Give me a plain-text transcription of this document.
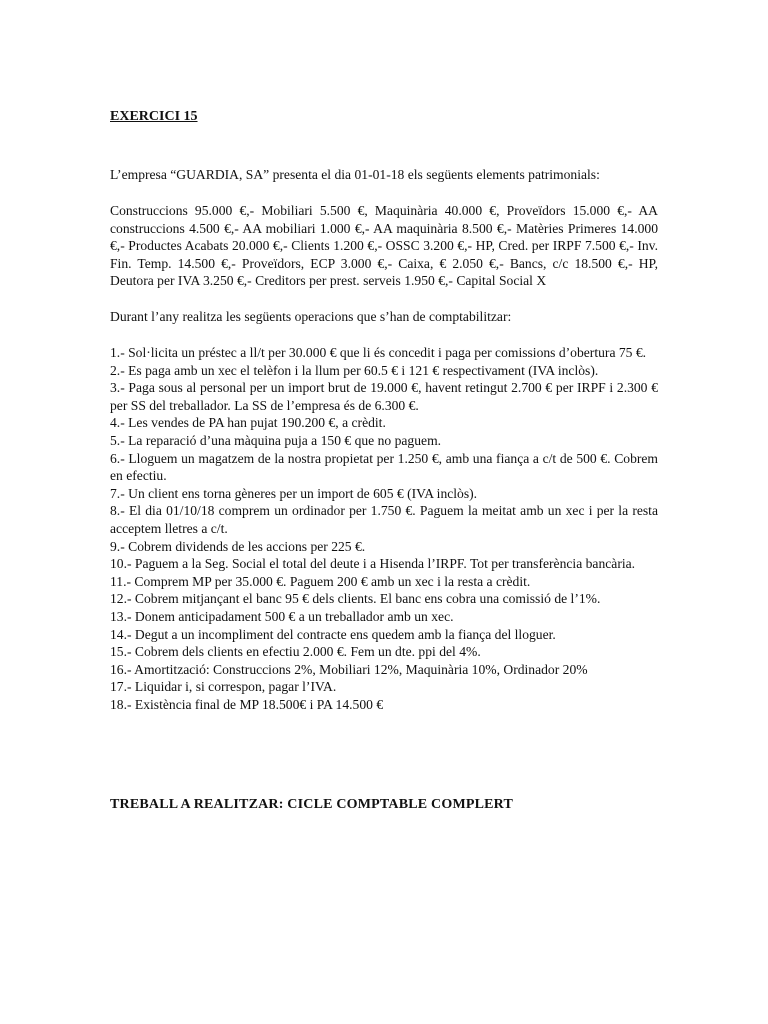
EXERCICI 15

L’empresa “GUARDIA, SA” presenta el dia 01-01-18 els següents elements patrimonials:

Construccions 95.000 €,- Mobiliari 5.500 €, Maquinària 40.000 €, Proveïdors 15.000 €,- AA construccions 4.500 €,- AA mobiliari 1.000 €,- AA maquinària 8.500 €,- Matèries Primeres 14.000 €,- Productes Acabats 20.000 €,- Clients 1.200 €,- OSSC 3.200 €,- HP, Cred. per IRPF 7.500 €,- Inv. Fin. Temp. 14.500 €,- Proveïdors, ECP 3.000 €,- Caixa, € 2.050 €,- Bancs, c/c 18.500 €,- HP, Deutora per IVA 3.250 €,- Creditors per prest. serveis 1.950 €,- Capital Social X

Durant l’any realitza les següents operacions que s’han de comptabilitzar:

1.- Sol·licita un préstec a ll/t per 30.000 € que li és concedit i paga per comissions d’obertura 75 €.
2.- Es paga amb un xec el telèfon i la llum per 60.5 € i 121 € respectivament (IVA inclòs).
3.- Paga sous al personal per un import brut de 19.000 €, havent retingut 2.700 € per IRPF i 2.300 € per SS del treballador. La SS de l’empresa és de 6.300 €.
4.- Les vendes de PA han pujat 190.200 €, a crèdit.
5.- La reparació d’una màquina puja a 150 € que no paguem.
6.- Lloguem un magatzem de la nostra propietat per 1.250 €, amb una fiança a c/t de 500 €. Cobrem en efectiu.
7.- Un client ens torna gèneres per un import de 605 € (IVA inclòs).
8.- El dia 01/10/18 comprem un ordinador per 1.750 €. Paguem la meitat amb un xec i per la resta acceptem lletres a c/t.
9.- Cobrem dividends de les accions per 225 €.
10.- Paguem a la Seg. Social el total del deute i a Hisenda l’IRPF. Tot per transferència bancària.
11.- Comprem MP per 35.000 €. Paguem 200 € amb un xec i la resta a crèdit.
12.- Cobrem mitjançant el banc 95 € dels clients. El banc ens cobra una comissió de l’1%.
13.- Donem anticipadament 500 € a un treballador amb un xec.
14.- Degut a un incompliment del contracte ens quedem amb la fiança del lloguer.
15.- Cobrem dels clients en efectiu 2.000 €. Fem un dte. ppi del 4%.
16.- Amortització: Construccions 2%, Mobiliari 12%, Maquinària 10%, Ordinador 20%
17.- Liquidar i, si correspon, pagar l’IVA.
18.- Existència final de MP 18.500€ i PA 14.500 €

TREBALL A REALITZAR: CICLE COMPTABLE COMPLERT
